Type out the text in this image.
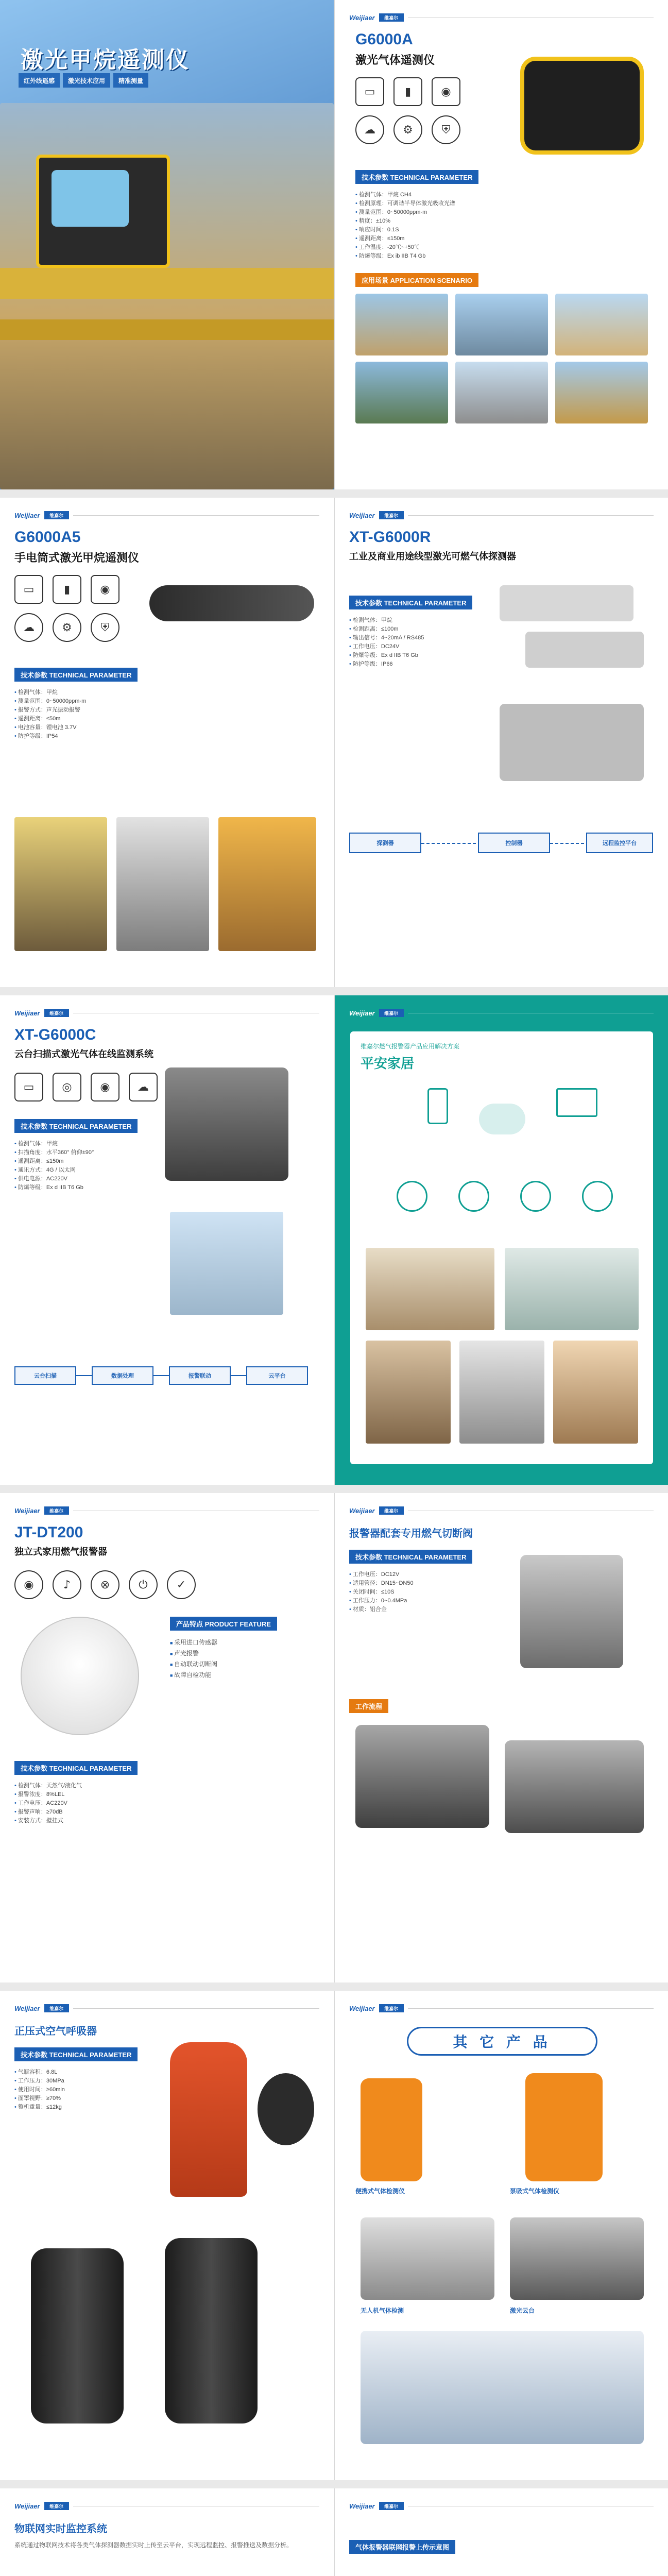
激光甲烷遥测仪
红外线遥感	激光技术应用	精准测量
Weijiaer	维嘉尔
G6000A
激光气体遥测仪
▭	▮	◉
☁	⚙	⛨
技术参数 TECHNICAL PARAMETER
• 检测气体：甲烷 CH4
• 检测原理：可调谐半导体激光吸收光谱
• 测量范围：0~50000ppm·m
• 精度：±10%
• 响应时间：0.1S
• 遥测距离：≤150m
• 工作温度：-20℃~+50℃
• 防爆等级：Ex ib IIB T4 Gb
应用场景 APPLICATION SCENARIO
Weijiaer	维嘉尔
G6000A5
手电筒式激光甲烷遥测仪
▭	▮	◉
☁	⚙	⛨
技术参数 TECHNICAL PARAMETER
• 检测气体：甲烷
• 测量范围：0~50000ppm·m
• 报警方式：声光振动报警
• 遥测距离：≤50m
• 电池容量：锂电池 3.7V
• 防护等级：IP54
Weijiaer	维嘉尔
XT-G6000R
工业及商业用途线型激光可燃气体探测器
技术参数 TECHNICAL PARAMETER
• 检测气体：甲烷
• 检测距离：≤100m
• 输出信号：4~20mA / RS485
• 工作电压：DC24V
• 防爆等级：Ex d IIB T6 Gb
• 防护等级：IP66
探测器	控制器	远程监控平台
Weijiaer	维嘉尔
XT-G6000C
云台扫描式激光气体在线监测系统
▭	◎	◉	☁
技术参数 TECHNICAL PARAMETER
• 检测气体：甲烷
• 扫描角度：水平360° 俯仰±90°
• 遥测距离：≤150m
• 通讯方式：4G / 以太网
• 供电电源：AC220V
• 防爆等级：Ex d IIB T6 Gb
云台扫描	数据处理	报警联动	云平台
Weijiaer	维嘉尔
维嘉尔燃气报警器产品应用解决方案
平安家居
Weijiaer	维嘉尔
JT-DT200
独立式家用燃气报警器
◉	♪	⊗	⏻	✓
产品特点 PRODUCT FEATURE
■ 采用进口传感器
■ 声光报警
■ 自动联动切断阀
■ 故障自检功能
技术参数 TECHNICAL PARAMETER
• 检测气体：天然气/液化气
• 报警浓度：8%LEL
• 工作电压：AC220V
• 报警声响：≥70dB
• 安装方式：壁挂式
Weijiaer	维嘉尔
报警器配套专用燃气切断阀
技术参数 TECHNICAL PARAMETER
• 工作电压：DC12V
• 适用管径：DN15~DN50
• 关闭时间：≤10S
• 工作压力：0~0.4MPa
• 材质：铝合金
工作流程
Weijiaer	维嘉尔
正压式空气呼吸器
技术参数 TECHNICAL PARAMETER
• 气瓶容积：6.8L
• 工作压力：30MPa
• 使用时间：≥60min
• 面罩视野：≥70%
• 整机重量：≤12kg
Weijiaer	维嘉尔
其 它 产 品
便携式气体检测仪	泵吸式气体检测仪
无人机气体检测	激光云台
Weijiaer	维嘉尔
物联网实时监控系统
系统通过物联网技术将各类气体探测器数据实时上传至云平台，实现远程监控、报警推送及数据分析。
Weijiaer	维嘉尔
气体报警器联网报警上传示意图
